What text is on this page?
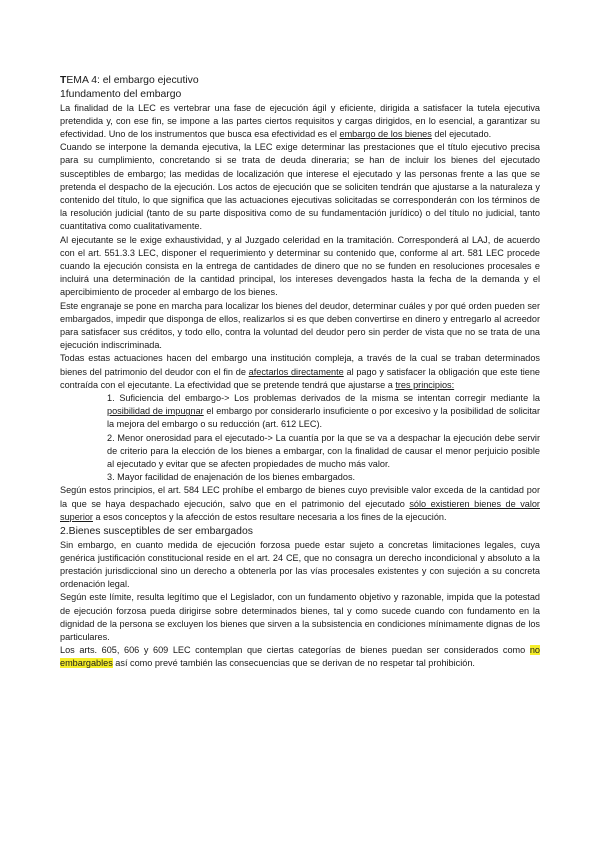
TEMA 4: el embargo ejecutivo
1fundamento del embargo

La finalidad de la LEC es vertebrar una fase de ejecución ágil y eficiente, dirigida a satisfacer la tutela ejecutiva pretendida y, con ese fin, se impone a las partes ciertos requisitos y cargas dirigidos, en lo esencial, a garantizar su efectividad. Uno de los instrumentos que busca esa efectividad es el embargo de los bienes del ejecutado.

Cuando se interpone la demanda ejecutiva, la LEC exige determinar las prestaciones que el título ejecutivo precisa para su cumplimiento, concretando si se trata de deuda dineraria; se han de incluir los bienes del ejecutado susceptibles de embargo; las medidas de localización que interese el ejecutado y las personas frente a las que se pretenda el despacho de la ejecución. Los actos de ejecución que se soliciten tendrán que ajustarse a la naturaleza y contenido del título, lo que significa que las actuaciones ejecutivas solicitadas se corresponderán con los términos de la resolución judicial (tanto de su parte dispositiva como de su fundamentación jurídico) o del título no judicial, tanto cuantitativa como cualitativamente.

Al ejecutante se le exige exhaustividad, y al Juzgado celeridad en la tramitación. Corresponderá al LAJ, de acuerdo con el art. 551.3.3 LEC, disponer el requerimiento y determinar su contenido que, conforme al art. 581 LEC procede cuando la ejecución consista en la entrega de cantidades de dinero que no se funden en resoluciones procesales e incluirá una determinación de la cantidad principal, los intereses devengados hasta la fecha de la demanda y el apercibimiento de proceder al embargo de los bienes.

Este engranaje se pone en marcha para localizar los bienes del deudor, determinar cuáles y por qué orden pueden ser embargados, impedir que disponga de ellos, realizarlos si es que deben convertirse en dinero y entregarlo al acreedor para satisfacer sus créditos, y todo ello, contra la voluntad del deudor pero sin perder de vista que no se trata de una ejecución indiscriminada.

Todas estas actuaciones hacen del embargo una institución compleja, a través de la cual se traban determinados bienes del patrimonio del deudor con el fin de afectarlos directamente al pago y satisfacer la obligación que este tiene contraída con el ejecutante. La efectividad que se pretende tendrá que ajustarse a tres principios:

1. Suficiencia del embargo-> Los problemas derivados de la misma se intentan corregir mediante la posibilidad de impugnar el embargo por considerarlo insuficiente o por excesivo y la posibilidad de solicitar la mejora del embargo o su reducción (art. 612 LEC).
2. Menor onerosidad para el ejecutado-> La cuantía por la que se va a despachar la ejecución debe servir de criterio para la elección de los bienes a embargar, con la finalidad de causar el menor perjuicio posible al ejecutado y evitar que se afecten propiedades de mucho más valor.
3. Mayor facilidad de enajenación de los bienes embargados.

Según estos principios, el art. 584 LEC prohíbe el embargo de bienes cuyo previsible valor exceda de la cantidad por la que se haya despachado ejecución, salvo que en el patrimonio del ejecutado sólo existieren bienes de valor superior a esos conceptos y la afección de estos resultare necesaria a los fines de la ejecución.

2.Bienes susceptibles de ser embargados

Sin embargo, en cuanto medida de ejecución forzosa puede estar sujeto a concretas limitaciones legales, cuya genérica justificación constitucional reside en el art. 24 CE, que no consagra un derecho incondicional y absoluto a la prestación jurisdiccional sino un derecho a obtenerla por las vías procesales existentes y con sujeción a su concreta ordenación legal.

Según este límite, resulta legítimo que el Legislador, con un fundamento objetivo y razonable, impida que la potestad de ejecución forzosa pueda dirigirse sobre determinados bienes, tal y como sucede cuando con fundamento en la dignidad de la persona se excluyen los bienes que sirven a la subsistencia en condiciones mínimamente dignas de los particulares.

Los arts. 605, 606 y 609 LEC contemplan que ciertas categorías de bienes puedan ser considerados como no embargables así como prevé también las consecuencias que se derivan de no respetar tal prohibición.
